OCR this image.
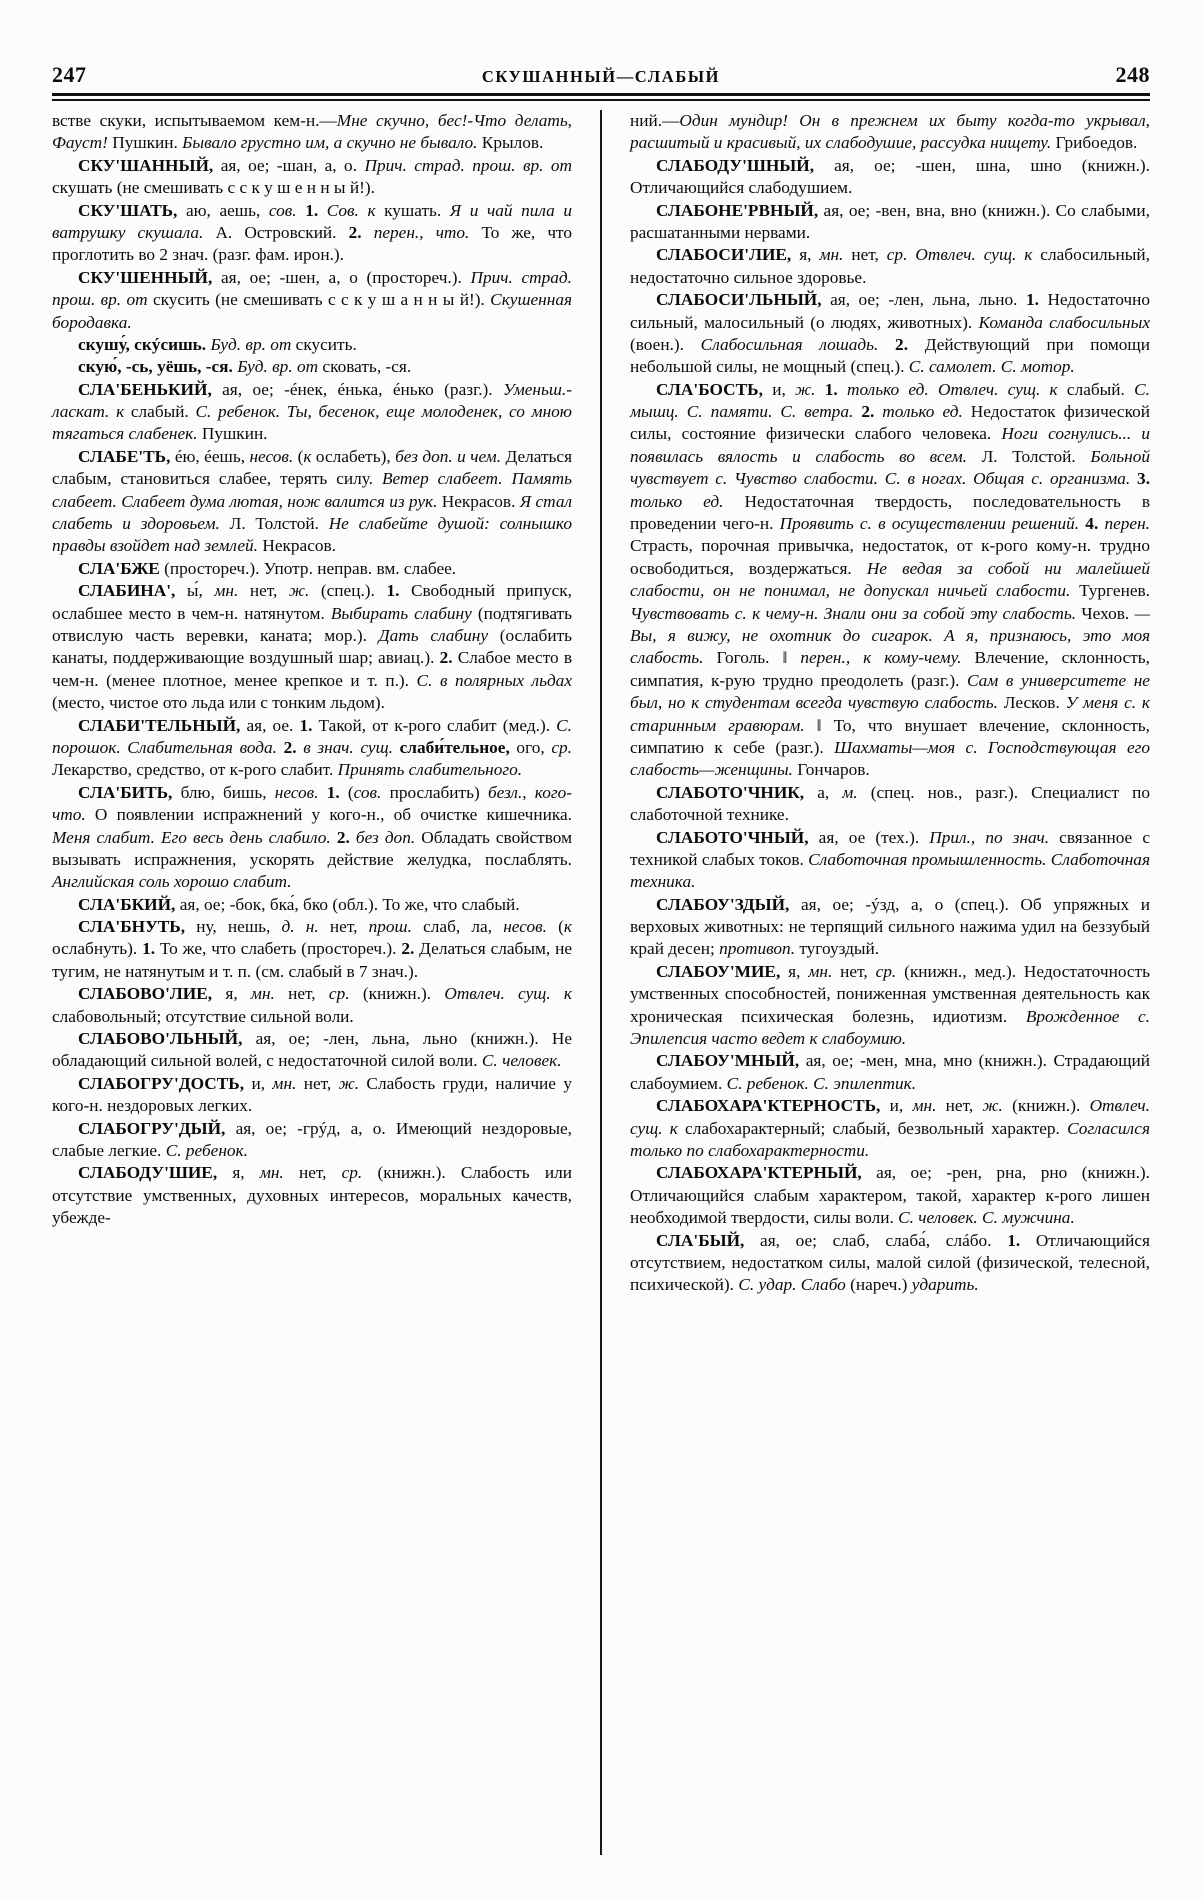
247	СКУШАННЫЙ—СЛАБЫЙ	248

встве скуки, испытываемом кем-н.—Мне скучно, бес!-Что делать, Фауст! Пушкин. Бывало грустно им, а скучно не бывало. Крылов.

СКУ'ШАННЫЙ, ая, ое; -шан, а, о. Прич. страд. прош. вр. от скушать (не смешивать с с к у ш е н н ы й!).

СКУ'ШАТЬ, аю, аешь, сов. 1. Сов. к кушать. Я и чай пила и ватрушку скушала. А. Островский. 2. перен., что. То же, что проглотить во 2 знач. (разг. фам. ирон.).

СКУ'ШЕННЫЙ, ая, ое; -шен, а, о (простореч.). Прич. страд. прош. вр. от скусить (не смешивать с с к у ш а н н ы й!). Скушенная бородавка.

скушу́, скýсишь. Буд. вр. от скусить.

скую́, -сь, уёшь, -ся. Буд. вр. от сковать, -ся.

СЛА'БЕНЬКИЙ, ая, ое; -éнек, éнька, éнько (разг.). Уменьш.-ласкат. к слабый. С. ребенок. Ты, бесенок, еще молоденек, со мною тягаться слабенек. Пушкин.

СЛАБЕ'ТЬ, éю, éешь, несов. (к ослабеть), без доп. и чем. Делаться слабым, становиться слабее, терять силу. Ветер слабеет. Память слабеет. Слабеет дума лютая, нож валится из рук. Некрасов. Я стал слабеть и здоровьем. Л. Толстой. Не слабейте душой: солнышко правды взойдет над землей. Некрасов.

СЛА'БЖЕ (простореч.). Употр. неправ. вм. слабее.

СЛАБИНА', ы́, мн. нет, ж. (спец.). 1. Свободный припуск, ослабшее место в чем-н. натянутом. Выбирать слабину (подтягивать отвислую часть веревки, каната; мор.). Дать слабину (ослабить канаты, поддерживающие воздушный шар; авиац.). 2. Слабое место в чем-н. (менее плотное, менее крепкое и т. п.). С. в полярных льдах (место, чистое ото льда или с тонким льдом).

СЛАБИ'ТЕЛЬНЫЙ, ая, ое. 1. Такой, от к-рого слабит (мед.). С. порошок. Слабительная вода. 2. в знач. сущ. слаби́тельное, ого, ср. Лекарство, средство, от к-рого слабит. Принять слабительного.

СЛА'БИТЬ, блю, бишь, несов. 1. (сов. прослабить) безл., кого-что. О появлении испражнений у кого-н., об очистке кишечника. Меня слабит. Его весь день слабило. 2. без доп. Обладать свойством вызывать испражнения, ускорять действие желудка, послаблять. Английская соль хорошо слабит.

СЛА'БКИЙ, ая, ое; -бок, бка́, бко (обл.). То же, что слабый.

СЛА'БНУТЬ, ну, нешь, д. н. нет, прош. слаб, ла, несов. (к ослабнуть). 1. То же, что слабеть (простореч.). 2. Делаться слабым, не тугим, не натянутым и т. п. (см. слабый в 7 знач.).

СЛАБОВО'ЛИЕ, я, мн. нет, ср. (книжн.). Отвлеч. сущ. к слабовольный; отсутствие сильной воли.

СЛАБОВО'ЛЬНЫЙ, ая, ое; -лен, льна, льно (книжн.). Не обладающий сильной волей, с недостаточной силой воли. С. человек.

СЛАБОГРУ'ДОСТЬ, и, мн. нет, ж. Слабость груди, наличие у кого-н. нездоровых легких.

СЛАБОГРУ'ДЫЙ, ая, ое; -грýд, а, о. Имеющий нездоровые, слабые легкие. С. ребенок.

СЛАБОДУ'ШИЕ, я, мн. нет, ср. (книжн.). Слабость или отсутствие умственных, духовных интересов, моральных качеств, убежде-

ний.—Один мундир! Он в прежнем их быту когда-то укрывал, расшитый и красивый, их слабодушие, рассудка нищету. Грибоедов.

СЛАБОДУ'ШНЫЙ, ая, ое; -шен, шна, шно (книжн.). Отличающийся слабодушием.

СЛАБОНЕ'РВНЫЙ, ая, ое; -вен, вна, вно (книжн.). Со слабыми, расшатанными нервами.

СЛАБОСИ'ЛИЕ, я, мн. нет, ср. Отвлеч. сущ. к слабосильный, недостаточно сильное здоровье.

СЛАБОСИ'ЛЬНЫЙ, ая, ое; -лен, льна, льно. 1. Недостаточно сильный, малосильный (о людях, животных). Команда слабосильных (воен.). Слабосильная лошадь. 2. Действующий при помощи небольшой силы, не мощный (спец.). С. самолет. С. мотор.

СЛА'БОСТЬ, и, ж. 1. только ед. Отвлеч. сущ. к слабый. С. мышц. С. памяти. С. ветра. 2. только ед. Недостаток физической силы, состояние физически слабого человека. Ноги согнулись... и появилась вялость и слабость во всем. Л. Толстой. Больной чувствует с. Чувство слабости. С. в ногах. Общая с. организма. 3. только ед. Недостаточная твердость, последовательность в проведении чего-н. Проявить с. в осуществлении решений. 4. перен. Страсть, порочная привычка, недостаток, от к-рого кому-н. трудно освободиться, воздержаться. Не ведая за собой ни малейшей слабости, он не понимал, не допускал ничьей слабости. Тургенев. Чувствовать с. к чему-н. Знали они за собой эту слабость. Чехов. —Вы, я вижу, не охотник до сигарок. А я, признаюсь, это моя слабость. Гоголь. ‖ перен., к кому-чему. Влечение, склонность, симпатия, к-рую трудно преодолеть (разг.). Сам в университете не был, но к студентам всегда чувствую слабость. Лесков. У меня с. к старинным гравюрам. ‖ То, что внушает влечение, склонность, симпатию к себе (разг.). Шахматы—моя с. Господствующая его слабость—женщины. Гончаров.

СЛАБОТО'ЧНИК, а, м. (спец. нов., разг.). Специалист по слаботочной технике.

СЛАБОТО'ЧНЫЙ, ая, ое (тех.). Прил., по знач. связанное с техникой слабых токов. Слаботочная промышленность. Слаботочная техника.

СЛАБОУ'ЗДЫЙ, ая, ое; -ýзд, а, о (спец.). Об упряжных и верховых животных: не терпящий сильного нажима удил на беззубый край десен; противоп. тугоуздый.

СЛАБОУ'МИЕ, я, мн. нет, ср. (книжн., мед.). Недостаточность умственных способностей, пониженная умственная деятельность как хроническая психическая болезнь, идиотизм. Врожденное с. Эпилепсия часто ведет к слабоумию.

СЛАБОУ'МНЫЙ, ая, ое; -мен, мна, мно (книжн.). Страдающий слабоумием. С. ребенок. С. эпилептик.

СЛАБОХАРА'КТЕРНОСТЬ, и, мн. нет, ж. (книжн.). Отвлеч. сущ. к слабохарактерный; слабый, безвольный характер. Согласился только по слабохарактерности.

СЛАБОХАРА'КТЕРНЫЙ, ая, ое; -рен, рна, рно (книжн.). Отличающийся слабым характером, такой, характер к-рого лишен необходимой твердости, силы воли. С. человек. С. мужчина.

СЛА'БЫЙ, ая, ое; слаб, слаба́, слáбо. 1. Отличающийся отсутствием, недостатком силы, малой силой (физической, телесной, психической). С. удар. Слабо (нареч.) ударить.
